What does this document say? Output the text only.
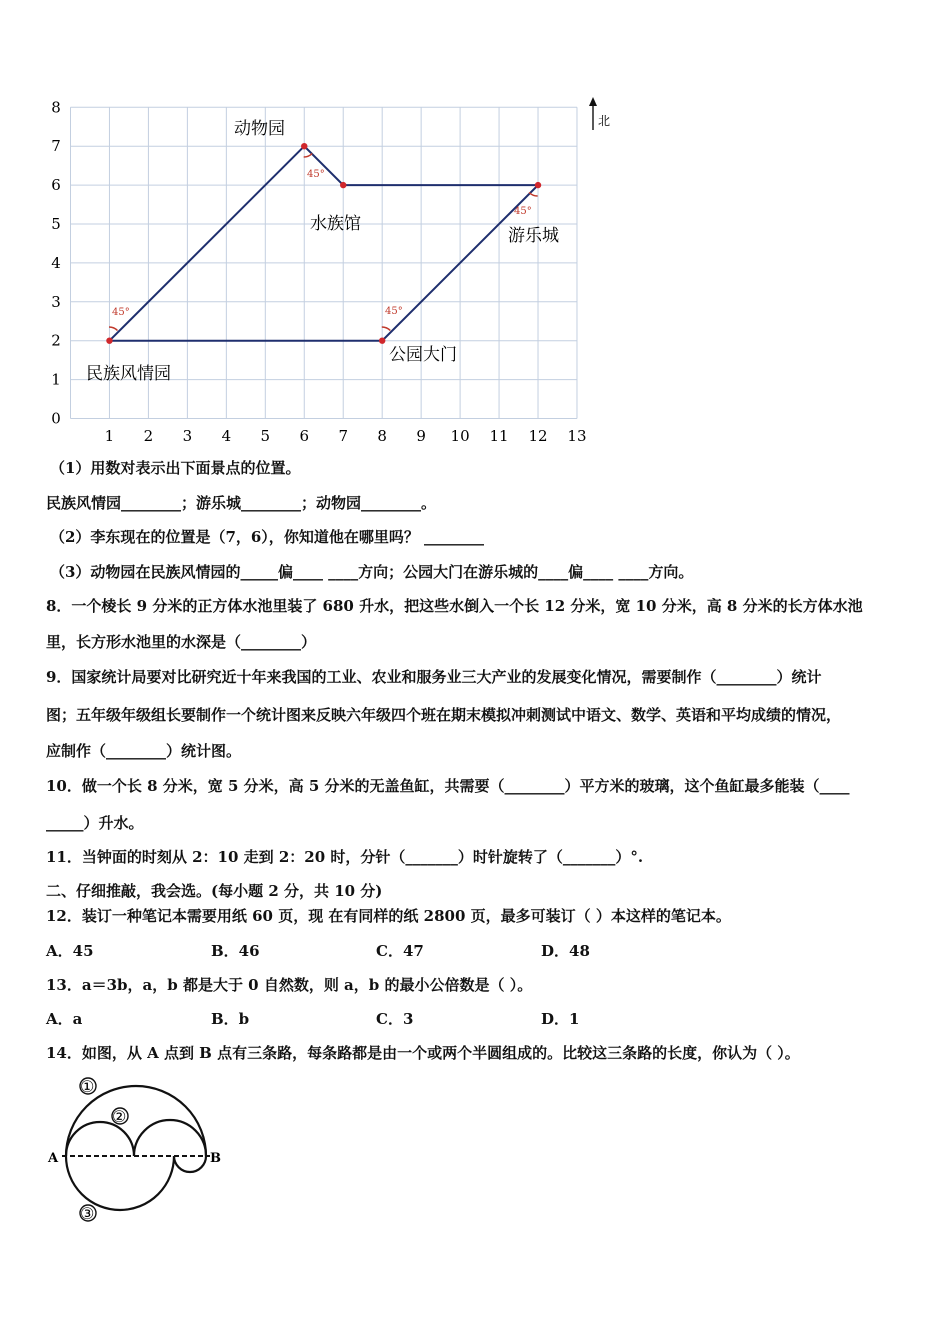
1 2 3 4 5 6 7 8 9 10 11 12 13
0
1
2
3
4
5
6
7
8
45°
45°
45°
45°
动物园
水族馆
游乐城
民族风情园
公园大门
北
（1）用数对表示出下面景点的位置。
民族风情园________；游乐城________；动物园________。
（2）李东现在的位置是（7，6），你知道他在哪里吗？ ________
（3）动物园在民族风情园的_____偏____ ____方向；公园大门在游乐城的____偏____ ____方向。
8．一个棱长 9 分米的正方体水池里装了 680 升水，把这些水倒入一个长 12 分米，宽 10 分米，高 8 分米的长方体水池
里，长方形水池里的水深是（________）
9．国家统计局要对比研究近十年来我国的工业、农业和服务业三大产业的发展变化情况，需要制作（________）统计
图；五年级年级组长要制作一个统计图来反映六年级四个班在期末模拟冲刺测试中语文、数学、英语和平均成绩的情况，
应制作（________）统计图。
10．做一个长 8 分米，宽 5 分米，高 5 分米的无盖鱼缸，共需要（________）平方米的玻璃，这个鱼缸最多能装（____
_____）升水。
11．当钟面的时刻从 2：10 走到 2：20 时，分针（_______）时针旋转了（_______）°.
二、仔细推敲，我会选。(每小题 2 分，共 10 分)
12．装订一种笔记本需要用纸 60 页，现 在有同样的纸 2800 页，最多可装订（ ）本这样的笔记本。
A．45	B．46	C．47	D．48
13．a＝3b，a，b 都是大于 0 自然数，则 a，b 的最小公倍数是（ ）。
A．a	B．b	C．3	D．1
14．如图，从 A 点到 B 点有三条路，每条路都是由一个或两个半圆组成的。比较这三条路的长度，你认为（ ）。
①
②
③
A	B
